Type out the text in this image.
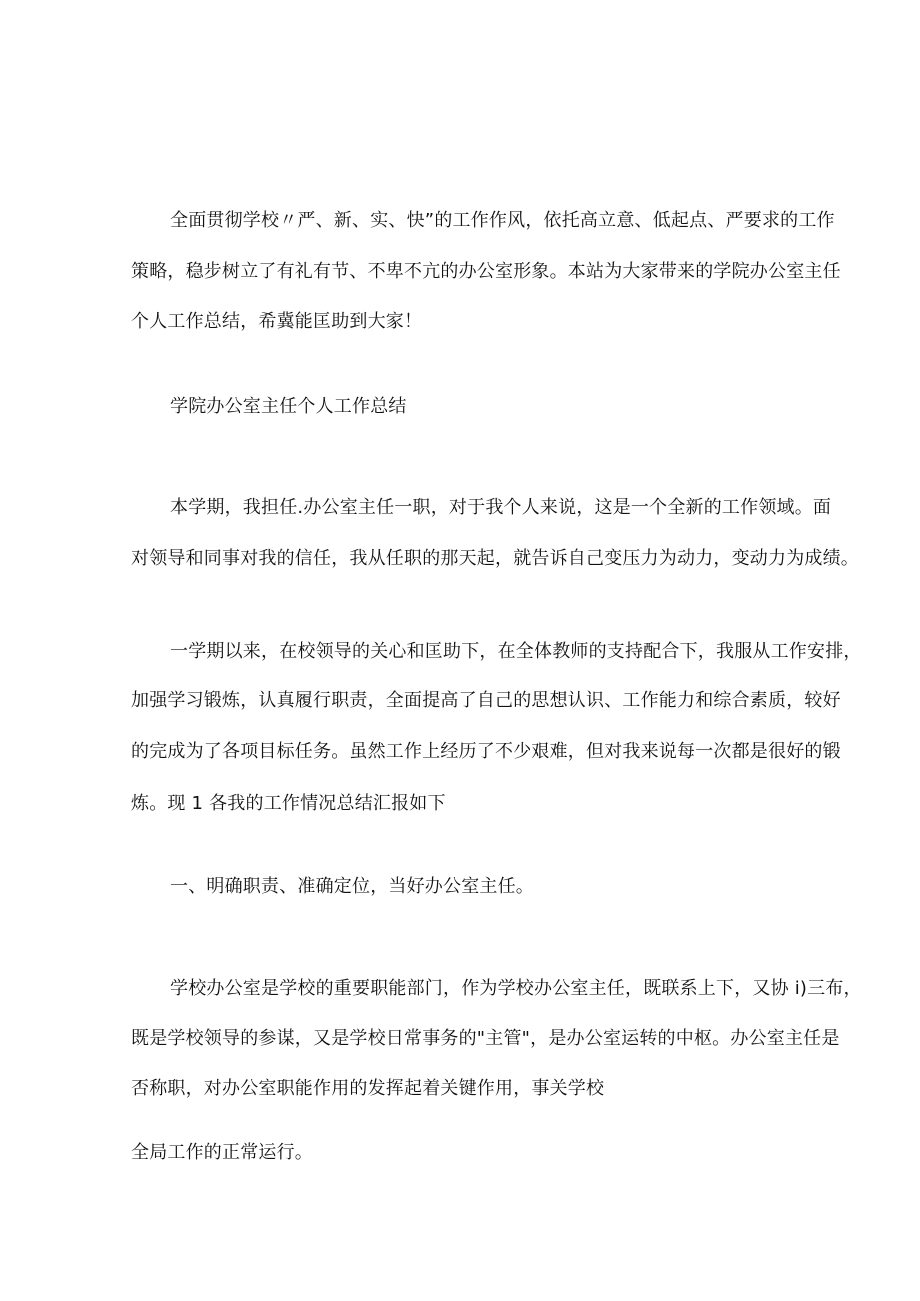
全面贯彻学校〃严、新、实、快”的工作作风，依托高立意、低起点、严要求的工作
策略，稳步树立了有礼有节、不卑不亢的办公室形象。本站为大家带来的学院办公室主任
个人工作总结，希冀能匡助到大家！
学院办公室主任个人工作总结
本学期，我担任.办公室主任一职，对于我个人来说，这是一个全新的工作领域。面
对领导和同事对我的信任，我从任职的那天起，就告诉自己变压力为动力，变动力为成绩。
一学期以来，在校领导的关心和匡助下，在全体教师的支持配合下，我服从工作安排，
加强学习锻炼，认真履行职责，全面提高了自己的思想认识、工作能力和综合素质，较好
的完成为了各项目标任务。虽然工作上经历了不少艰难，但对我来说每一次都是很好的锻
炼。现 1 各我的工作情况总结汇报如下
一、明确职责、准确定位，当好办公室主任。
学校办公室是学校的重要职能部门，作为学校办公室主任，既联系上下，又协 i)三布，
既是学校领导的参谋，又是学校日常事务的"主管"，是办公室运转的中枢。办公室主任是
否称职，对办公室职能作用的发挥起着关键作用，事关学校
全局工作的正常运行。
